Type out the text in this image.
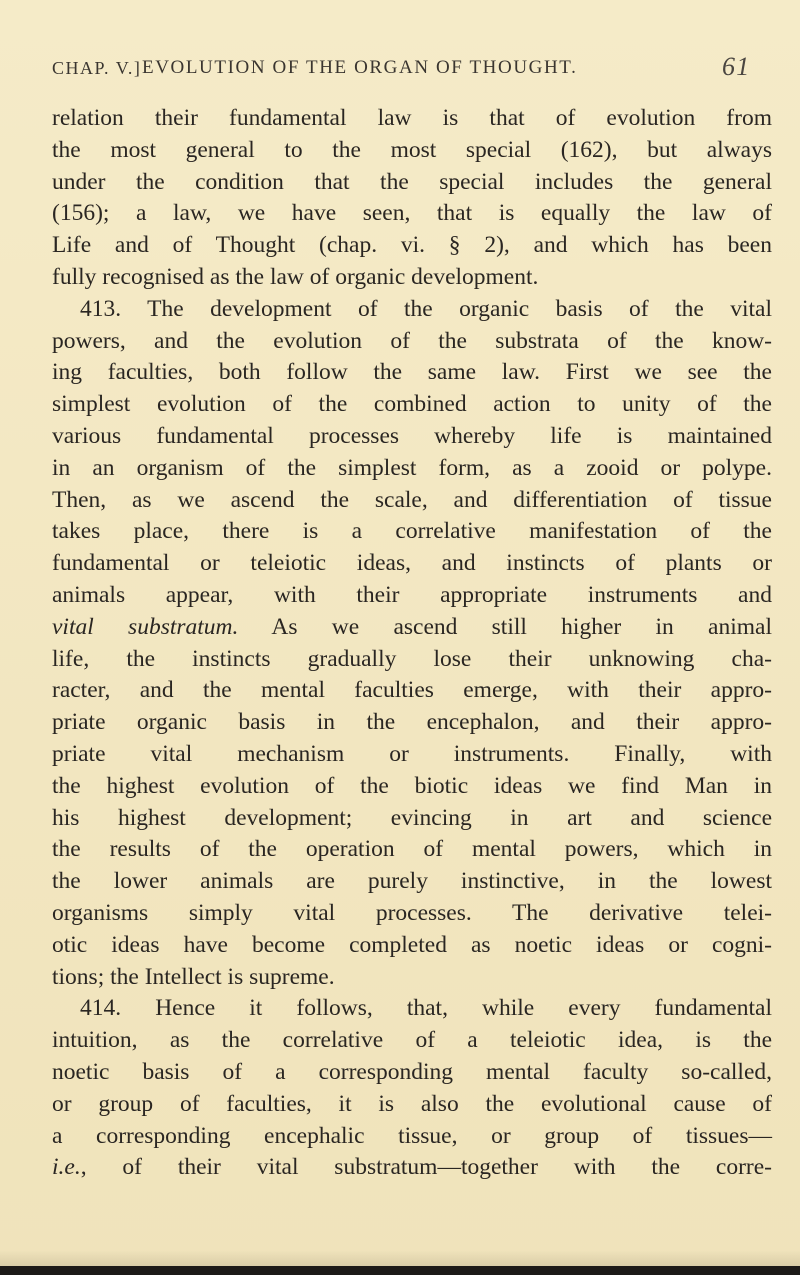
CHAP. V.] EVOLUTION OF THE ORGAN OF THOUGHT.	61
relation their fundamental law is that of evolution from
the most general to the most special (162), but always
under the condition that the special includes the general
(156); a law, we have seen, that is equally the law of
Life and of Thought (chap. vi. § 2), and which has been
fully recognised as the law of organic development.
413. The development of the organic basis of the vital
powers, and the evolution of the substrata of the know-
ing faculties, both follow the same law. First we see the
simplest evolution of the combined action to unity of the
various fundamental processes whereby life is maintained
in an organism of the simplest form, as a zooid or polype.
Then, as we ascend the scale, and differentiation of tissue
takes place, there is a correlative manifestation of the
fundamental or teleiotic ideas, and instincts of plants or
animals appear, with their appropriate instruments and
vital substratum. As we ascend still higher in animal
life, the instincts gradually lose their unknowing cha-
racter, and the mental faculties emerge, with their appro-
priate organic basis in the encephalon, and their appro-
priate vital mechanism or instruments. Finally, with
the highest evolution of the biotic ideas we find Man in
his highest development; evincing in art and science
the results of the operation of mental powers, which in
the lower animals are purely instinctive, in the lowest
organisms simply vital processes. The derivative telei-
otic ideas have become completed as noetic ideas or cogni-
tions; the Intellect is supreme.
414. Hence it follows, that, while every fundamental
intuition, as the correlative of a teleiotic idea, is the
noetic basis of a corresponding mental faculty so-called,
or group of faculties, it is also the evolutional cause of
a corresponding encephalic tissue, or group of tissues—
i.e., of their vital substratum—together with the corre-
